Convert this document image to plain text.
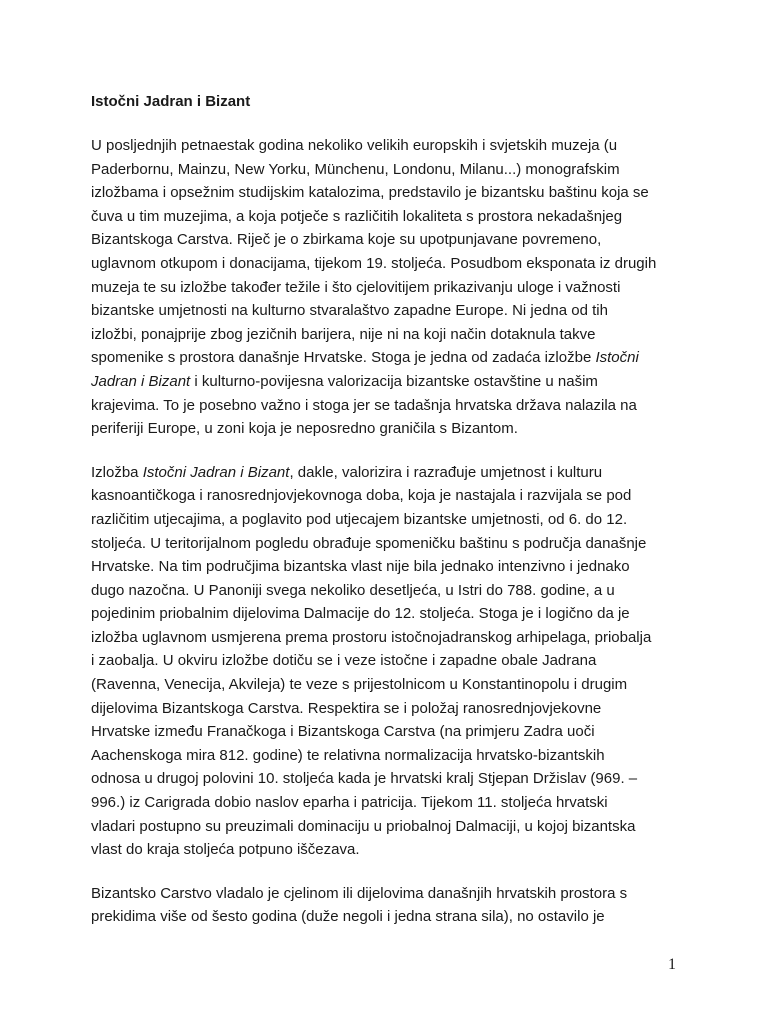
Istočni Jadran i Bizant
U posljednjih petnaestak godina nekoliko velikih europskih i svjetskih muzeja (u
Paderbornu, Mainzu, New Yorku, Münchenu, Londonu, Milanu...) monografskim
izložbama i opsežnim studijskim katalozima, predstavilo je bizantsku baštinu koja se
čuva u tim muzejima, a koja potječe s različitih lokaliteta s prostora nekadašnjeg
Bizantskoga Carstva. Riječ je o zbirkama koje su upotpunjavane povremeno,
uglavnom otkupom i donacijama, tijekom 19. stoljeća. Posudbom eksponata iz drugih
muzeja te su izložbe također težile i što cjelovitijem prikazivanju uloge i važnosti
bizantske umjetnosti na kulturno stvaralaštvo zapadne Europe. Ni jedna od tih
izložbi, ponajprije zbog jezičnih barijera, nije ni na koji način dotaknula takve
spomenike s prostora današnje Hrvatske. Stoga je jedna od zadaća izložbe Istočni
Jadran i Bizant i kulturno-povijesna valorizacija bizantske ostavštine u našim
krajevima. To je posebno važno i stoga jer se tadašnja hrvatska država nalazila na
periferiji Europe, u zoni koja je neposredno graničila s Bizantom.
Izložba Istočni Jadran i Bizant, dakle, valorizira i razrađuje umjetnost i kulturu
kasnoantičkoga i ranosrednjovjekovnoga doba, koja je nastajala i razvijala se pod
različitim utjecajima, a poglavito pod utjecajem bizantske umjetnosti, od 6. do 12.
stoljeća. U teritorijalnom pogledu obrađuje spomeničku baštinu s područja današnje
Hrvatske. Na tim područjima bizantska vlast nije bila jednako intenzivno i jednako
dugo nazočna. U Panoniji svega nekoliko desetljeća, u Istri do 788. godine, a u
pojedinim priobalnim dijelovima Dalmacije do 12. stoljeća. Stoga je i logično da je
izložba uglavnom usmjerena prema prostoru istočnojadranskog arhipelaga, priobalja
i zaobalja. U okviru izložbe dotiču se i veze istočne i zapadne obale Jadrana
(Ravenna, Venecija, Akvileja) te veze s prijestolnicom u Konstantinopolu i drugim
dijelovima Bizantskoga Carstva. Respektira se i položaj ranosrednjovjekovne
Hrvatske između Franačkoga i Bizantskoga Carstva (na primjeru Zadra uoči
Aachenskoga mira 812. godine) te relativna normalizacija hrvatsko-bizantskih
odnosa u drugoj polovini 10. stoljeća kada je hrvatski kralj Stjepan Držislav (969. –
996.) iz Carigrada dobio naslov eparha i patricija. Tijekom 11. stoljeća hrvatski
vladari postupno su preuzimali dominaciju u priobalnoj Dalmaciji, u kojoj bizantska
vlast do kraja stoljeća potpuno iščezava.
Bizantsko Carstvo vladalo je cjelinom ili dijelovima današnjih hrvatskih prostora s
prekidima više od šesto godina (duže negoli i jedna strana sila), no ostavilo je
1
